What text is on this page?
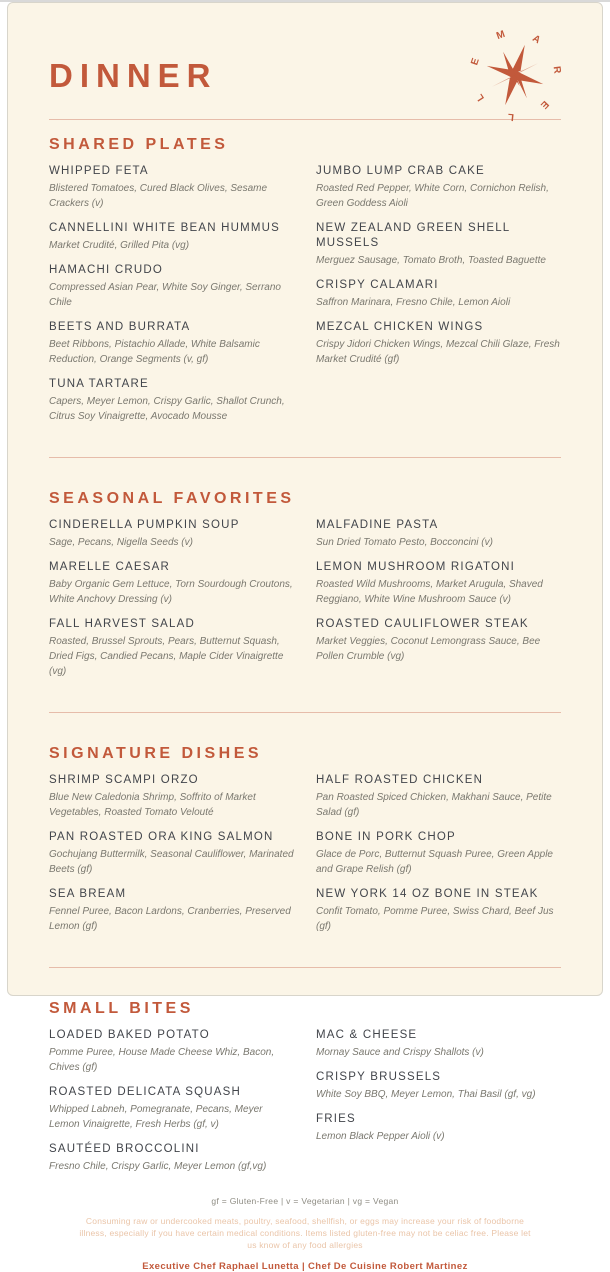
DINNER
M A
R
E
L
L
E
SHARED PLATES
WHIPPED FETA
Blistered Tomatoes, Cured Black Olives, Sesame Crackers (v)
CANNELLINI WHITE BEAN HUMMUS
Market Crudité, Grilled Pita (vg)
HAMACHI CRUDO
Compressed Asian Pear, White Soy Ginger, Serrano Chile
BEETS AND BURRATA
Beet Ribbons, Pistachio Allade, White Balsamic Reduction, Orange Segments (v, gf)
TUNA TARTARE
Capers, Meyer Lemon, Crispy Garlic, Shallot Crunch, Citrus Soy Vinaigrette, Avocado Mousse
JUMBO LUMP CRAB CAKE
Roasted Red Pepper, White Corn, Cornichon Relish, Green Goddess Aioli
NEW ZEALAND GREEN SHELL MUSSELS
Merguez Sausage, Tomato Broth, Toasted Baguette
CRISPY CALAMARI
Saffron Marinara, Fresno Chile, Lemon Aioli
MEZCAL CHICKEN WINGS
Crispy Jidori Chicken Wings, Mezcal Chili Glaze, Fresh Market Crudité (gf)
SEASONAL FAVORITES
CINDERELLA PUMPKIN SOUP
Sage, Pecans, Nigella Seeds (v)
MARELLE CAESAR
Baby Organic Gem Lettuce, Torn Sourdough Croutons, White Anchovy Dressing (v)
FALL HARVEST SALAD
Roasted, Brussel Sprouts, Pears, Butternut Squash, Dried Figs, Candied Pecans, Maple Cider Vinaigrette (vg)
MALFADINE PASTA
Sun Dried Tomato Pesto, Bocconcini (v)
LEMON MUSHROOM RIGATONI
Roasted Wild Mushrooms, Market Arugula, Shaved Reggiano, White Wine Mushroom Sauce (v)
ROASTED CAULIFLOWER STEAK
Market Veggies, Coconut Lemongrass Sauce, Bee Pollen Crumble (vg)
SIGNATURE DISHES
SHRIMP SCAMPI ORZO
Blue New Caledonia Shrimp, Soffrito of Market Vegetables, Roasted Tomato Velouté
PAN ROASTED ORA KING SALMON
Gochujang Buttermilk, Seasonal Cauliflower, Marinated Beets (gf)
SEA BREAM
Fennel Puree, Bacon Lardons, Cranberries, Preserved Lemon (gf)
HALF ROASTED CHICKEN
Pan Roasted Spiced Chicken, Makhani Sauce, Petite Salad (gf)
BONE IN PORK CHOP
Glace de Porc, Butternut Squash Puree, Green Apple and Grape Relish (gf)
NEW YORK 14 OZ BONE IN STEAK
Confit Tomato, Pomme Puree, Swiss Chard, Beef Jus (gf)
SMALL BITES
LOADED BAKED POTATO
Pomme Puree, House Made Cheese Whiz, Bacon, Chives (gf)
ROASTED DELICATA SQUASH
Whipped Labneh, Pomegranate, Pecans, Meyer Lemon Vinaigrette, Fresh Herbs (gf, v)
SAUTÉED BROCCOLINI
Fresno Chile, Crispy Garlic, Meyer Lemon (gf,vg)
MAC & CHEESE
Mornay Sauce and Crispy Shallots (v)
CRISPY BRUSSELS
White Soy BBQ, Meyer Lemon, Thai Basil (gf, vg)
FRIES
Lemon Black Pepper Aioli (v)
gf = Gluten-Free | v = Vegetarian | vg = Vegan
Consuming raw or undercooked meats, poultry, seafood, shellfish, or eggs may increase your risk of foodborne illness, especially if you have certain medical conditions. Items listed gluten-free may not be celiac free. Please let us know of any food allergies
Executive Chef Raphael Lunetta | Chef De Cuisine Robert Martinez
